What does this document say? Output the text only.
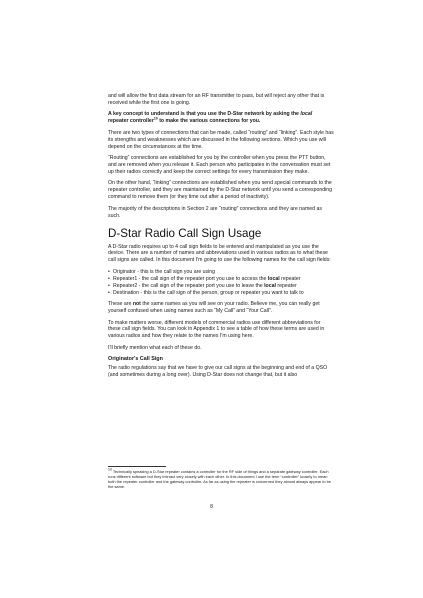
and will allow the first data stream for an RF transmitter to pass, but will reject any other that is received while the first one is going.

A key concept to understand is that you use the D-Star network by asking the local repeater controller$^{10}$ to make the various connections for you.

There are two types of connections that can be made, called “routing” and “linking”. Each style has its strengths and weaknesses which are discussed in the following sections. Which you use will depend on the circumstances at the time.

“Routing” connections are established for you by the controller when you press the PTT button, and are removed when you release it. Each person who participates in the conversation must set up their radios correctly and keep the correct settings for every transmission they make.

On the other hand, “linking” connections are established when you send special commands to the repeater controller, and they are maintained by the D-Star network until you send a corresponding command to remove them (or they time out after a period of inactivity).

The majority of the descriptions in Section 2 are “routing” connections and they are named as such.

D-Star Radio Call Sign Usage

A D-Star radio requires up to 4 call sign fields to be entered and manipulated as you use the device. There are a number of names and abbreviations used in various radios as to what these call signs are called. In this document I'm going to use the following names for the call sign fields:

• Originator - this is the call sign you are using
• Repeater1 - the call sign of the repeater port you use to access the local repeater
• Repeater2 - the call sign of the repeater port you use to leave the local repeater
• Destination - this is the call sign of the person, group or repeater you want to talk to

These are not the same names as you will see on your radio. Believe me, you can really get yourself confused when using names such as “My Call” and “Your Call”.

To make matters worse, different models of commercial radios use different abbreviations for these call sign fields. You can look in Appendix 1 to see a table of how these terms are used in various radios and how they relate to the names I'm using here.

I'll briefly mention what each of these do.

Originator's Call Sign

The radio regulations say that we have to give our call signs at the beginning and end of a QSO (and sometimes during a long over). Using D-Star does not change that, but it also

$^{10}$ Technically speaking a D-Star repeater contains a controller for the RF side of things and a separate gateway controller. Each runs different software but they interact very closely with each other. In this document I use the term “controller” loosely to mean both the repeater controller and the gateway controller. As far as using the repeater is concerned they almost always appear to be the same.
8
